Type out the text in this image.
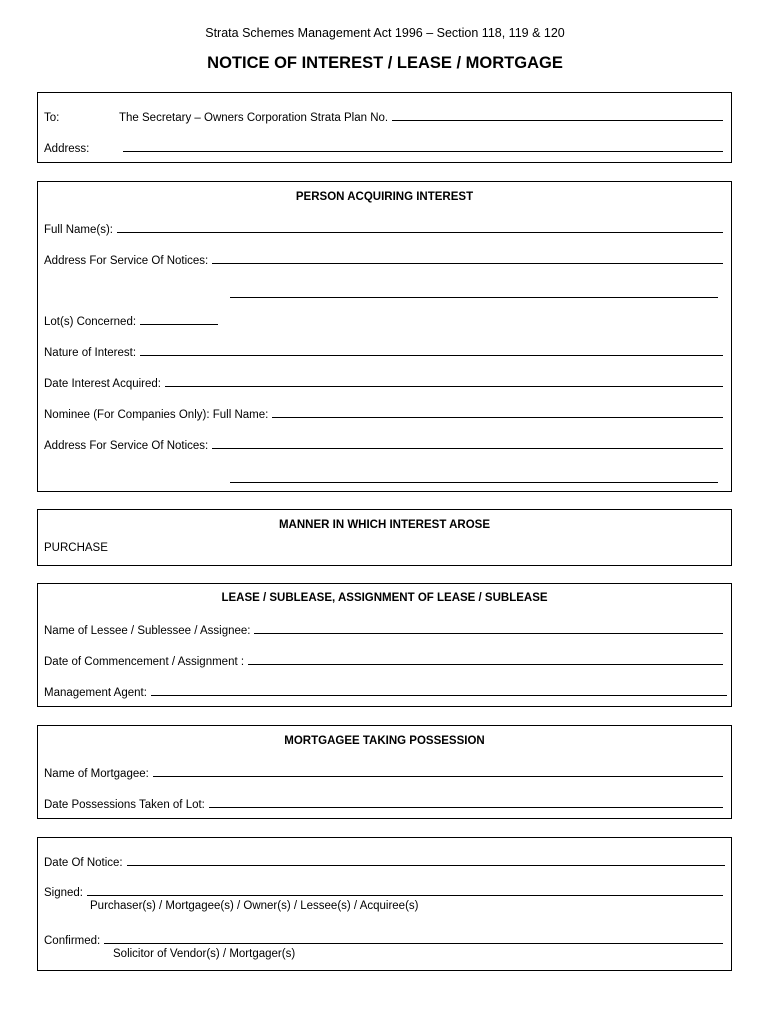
Strata Schemes Management Act 1996 – Section 118, 119 & 120
NOTICE OF INTEREST / LEASE / MORTGAGE
To:	The Secretary – Owners Corporation Strata Plan No.
Address:
PERSON ACQUIRING INTEREST
Full Name(s):
Address For Service Of Notices:
Lot(s) Concerned:
Nature of Interest:
Date Interest Acquired:
Nominee (For Companies Only): Full Name:
Address For Service Of Notices:
MANNER IN WHICH INTEREST AROSE
PURCHASE
LEASE / SUBLEASE, ASSIGNMENT OF LEASE / SUBLEASE
Name of Lessee / Sublessee / Assignee:
Date of Commencement / Assignment :
Management Agent:
MORTGAGEE TAKING POSSESSION
Name of Mortgagee:
Date Possessions Taken of Lot:
Date Of Notice:
Signed:
Purchaser(s) / Mortgagee(s) / Owner(s) / Lessee(s) / Acquiree(s)
Confirmed:
Solicitor of Vendor(s) / Mortgager(s)
